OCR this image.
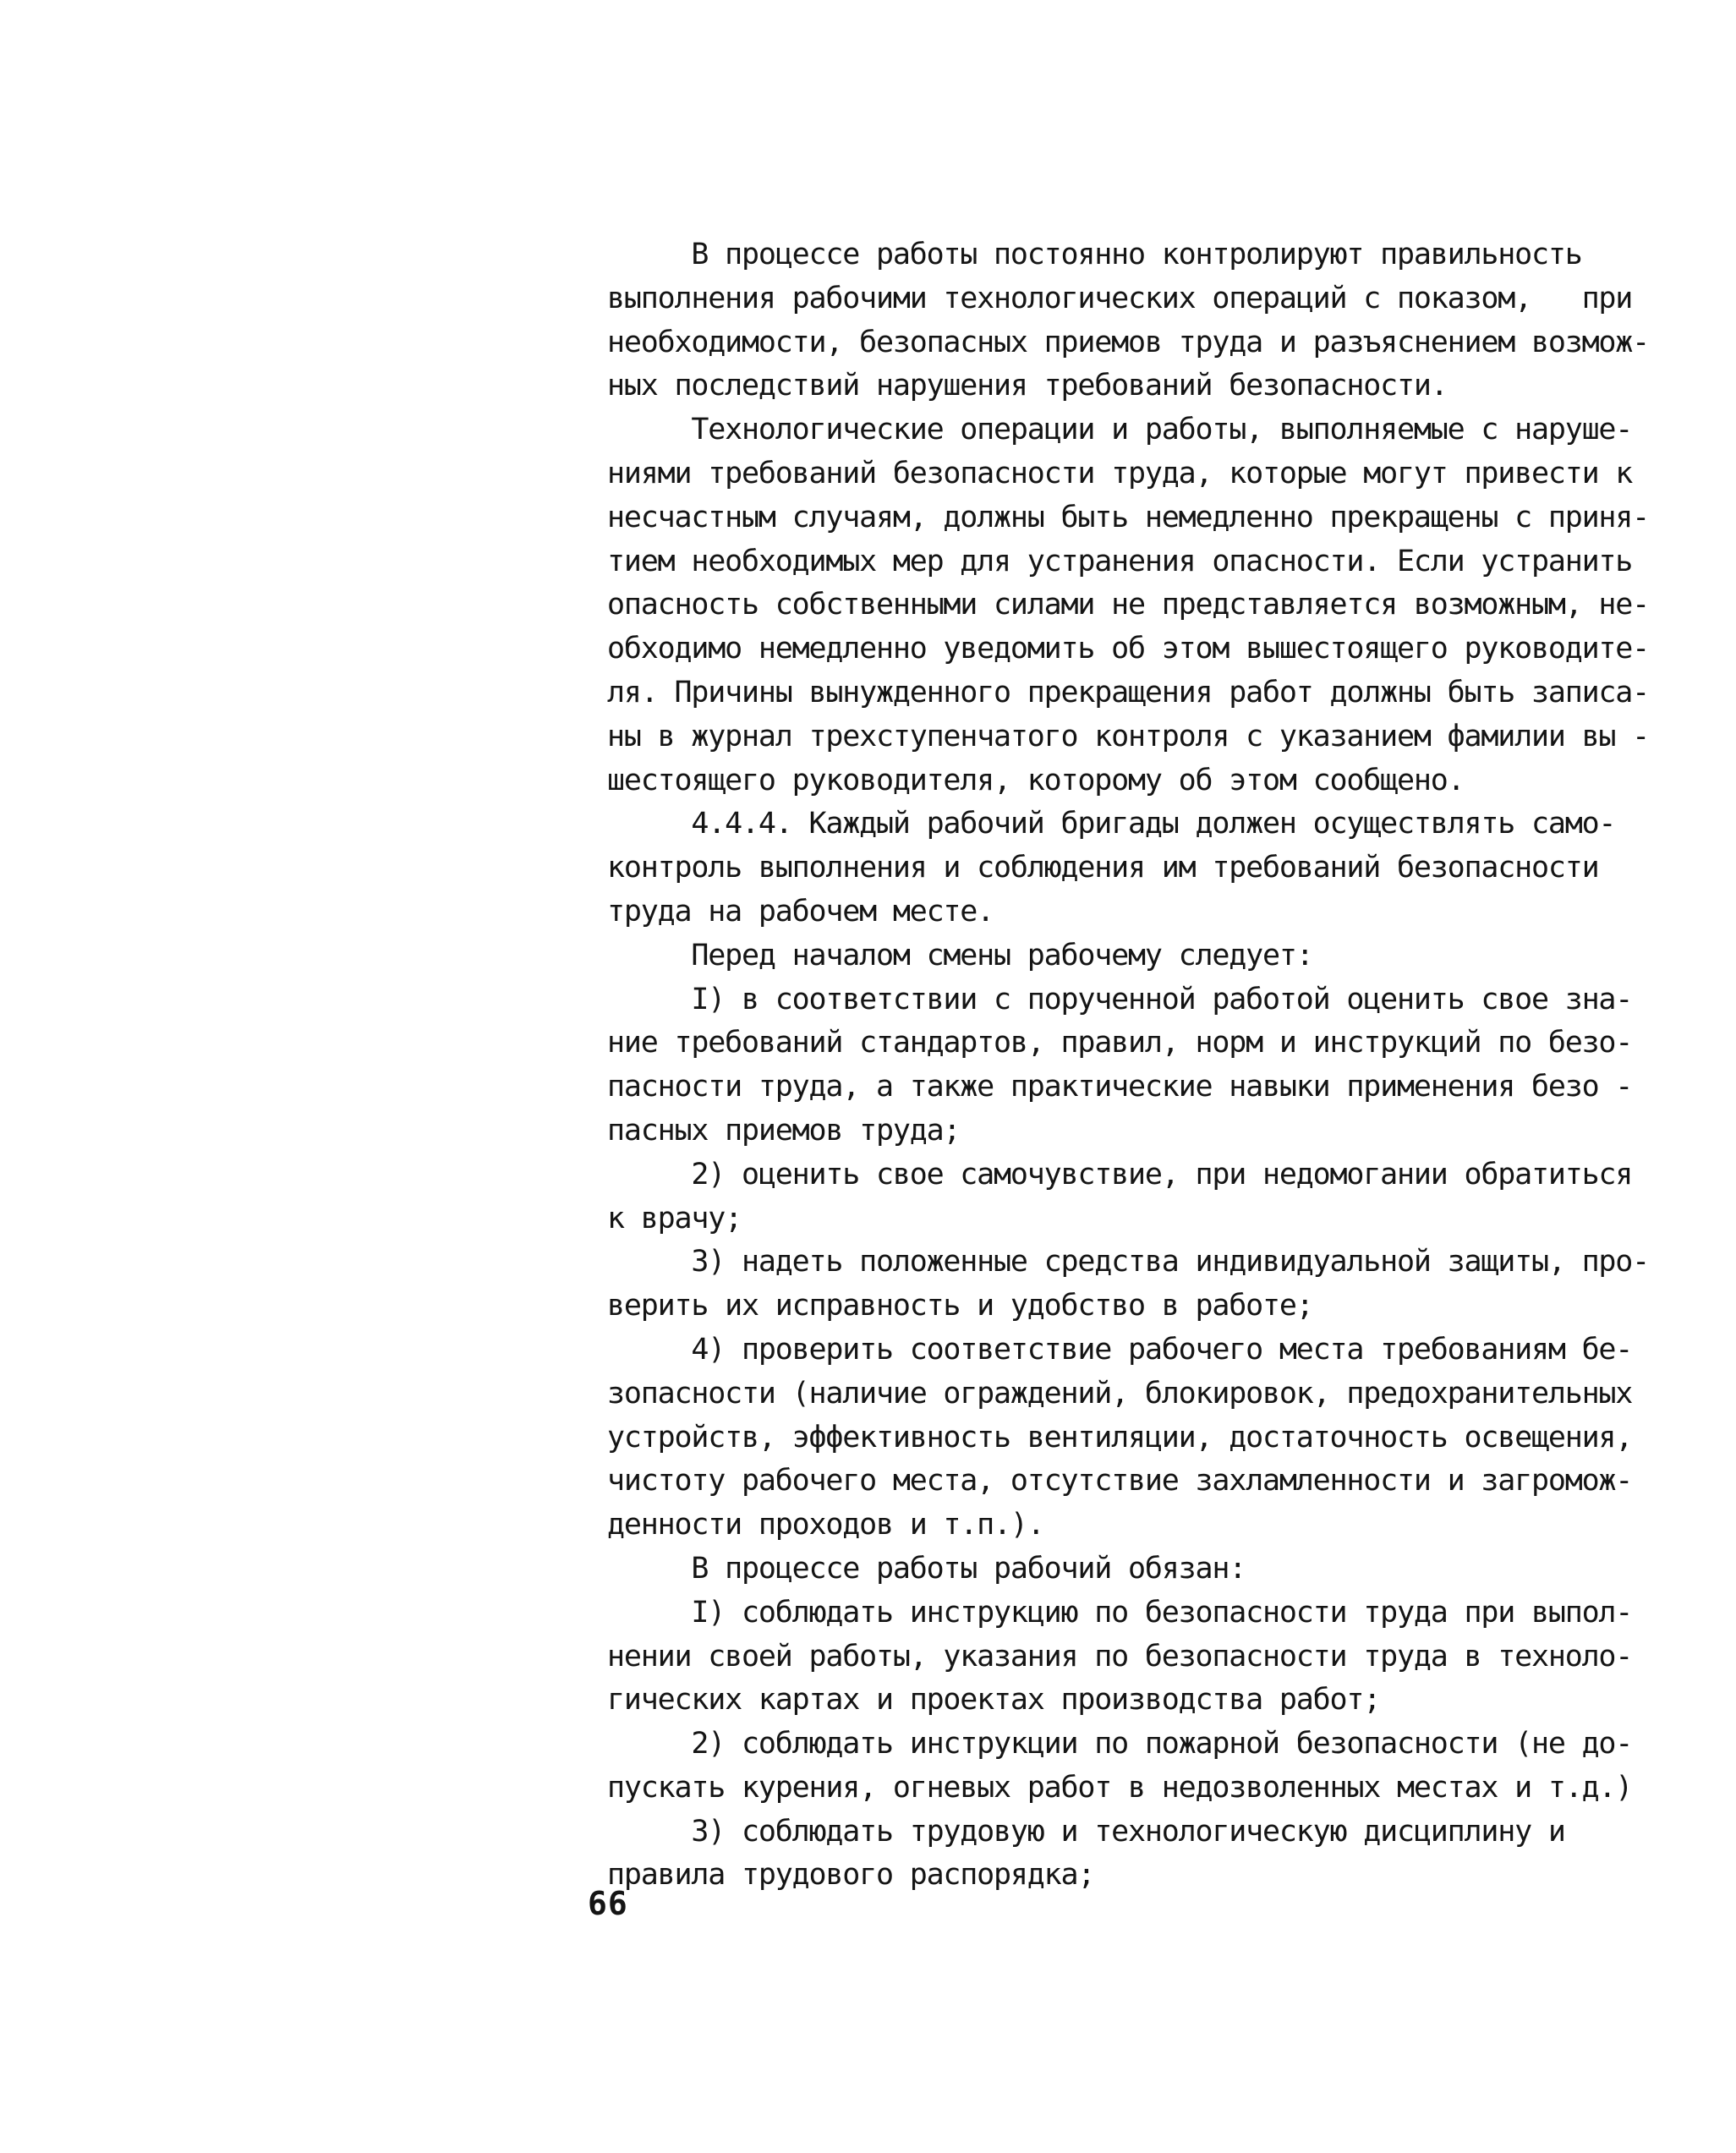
В процессе работы постоянно контролируют правильность
выполнения рабочими технологических операций с показом,   при
необходимости, безопасных приемов труда и разъяснением возмож-
ных последствий нарушения требований безопасности.
Технологические операции и работы, выполняемые с наруше-
ниями требований безопасности труда, которые могут привести к
несчастным случаям, должны быть немедленно прекращены с приня-
тием необходимых мер для устранения опасности. Если устранить
опасность собственными силами не представляется возможным, не-
обходимо немедленно уведомить об этом вышестоящего руководите-
ля. Причины вынужденного прекращения работ должны быть записа-
ны в журнал трехступенчатого контроля с указанием фамилии вы -
шестоящего руководителя, которому об этом сообщено.
4.4.4. Каждый рабочий бригады должен осуществлять само-
контроль выполнения и соблюдения им требований безопасности
труда на рабочем месте.
Перед началом смены рабочему следует:
I) в соответствии с порученной работой оценить свое зна-
ние требований стандартов, правил, норм и инструкций по безо-
пасности труда, а также практические навыки применения безо -
пасных приемов труда;
2) оценить свое самочувствие, при недомогании обратиться
к врачу;
3) надеть положенные средства индивидуальной защиты, про-
верить их исправность и удобство в работе;
4) проверить соответствие рабочего места требованиям бе-
зопасности (наличие ограждений, блокировок, предохранительных
устройств, эффективность вентиляции, достаточность освещения,
чистоту рабочего места, отсутствие захламленности и загромож-
денности проходов и т.п.).
В процессе работы рабочий обязан:
I) соблюдать инструкцию по безопасности труда при выпол-
нении своей работы, указания по безопасности труда в техноло-
гических картах и проектах производства работ;
2) соблюдать инструкции по пожарной безопасности (не до-
пускать курения, огневых работ в недозволенных местах и т.д.)
3) соблюдать трудовую и технологическую дисциплину и
правила трудового распорядка;
66
